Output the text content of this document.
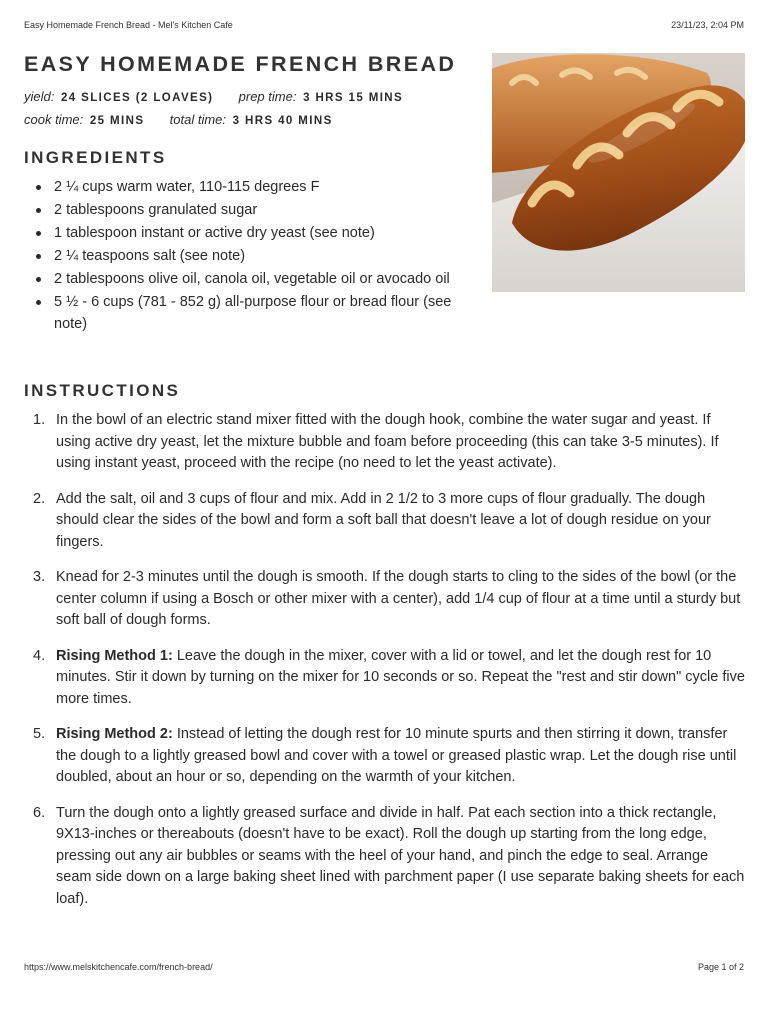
Easy Homemade French Bread - Mel's Kitchen Cafe	23/11/23, 2:04 PM
EASY HOMEMADE FRENCH BREAD
yield: 24 SLICES (2 LOAVES) prep time: 3 HRS 15 MINS
cook time: 25 MINS total time: 3 HRS 40 MINS
INGREDIENTS
2 ¼ cups warm water, 110-115 degrees F
2 tablespoons granulated sugar
1 tablespoon instant or active dry yeast (see note)
2 ¼ teaspoons salt (see note)
2 tablespoons olive oil, canola oil, vegetable oil or avocado oil
5 ½ - 6 cups (781 - 852 g) all-purpose flour or bread flour (see note)
INSTRUCTIONS
1. In the bowl of an electric stand mixer fitted with the dough hook, combine the water sugar and yeast. If using active dry yeast, let the mixture bubble and foam before proceeding (this can take 3-5 minutes). If using instant yeast, proceed with the recipe (no need to let the yeast activate).
2. Add the salt, oil and 3 cups of flour and mix. Add in 2 1/2 to 3 more cups of flour gradually. The dough should clear the sides of the bowl and form a soft ball that doesn't leave a lot of dough residue on your fingers.
3. Knead for 2-3 minutes until the dough is smooth. If the dough starts to cling to the sides of the bowl (or the center column if using a Bosch or other mixer with a center), add 1/4 cup of flour at a time until a sturdy but soft ball of dough forms.
4. Rising Method 1: Leave the dough in the mixer, cover with a lid or towel, and let the dough rest for 10 minutes. Stir it down by turning on the mixer for 10 seconds or so. Repeat the "rest and stir down" cycle five more times.
5. Rising Method 2: Instead of letting the dough rest for 10 minute spurts and then stirring it down, transfer the dough to a lightly greased bowl and cover with a towel or greased plastic wrap. Let the dough rise until doubled, about an hour or so, depending on the warmth of your kitchen.
6. Turn the dough onto a lightly greased surface and divide in half. Pat each section into a thick rectangle, 9X13-inches or thereabouts (doesn't have to be exact). Roll the dough up starting from the long edge, pressing out any air bubbles or seams with the heel of your hand, and pinch the edge to seal. Arrange seam side down on a large baking sheet lined with parchment paper (I use separate baking sheets for each loaf).
https://www.melskitchencafe.com/french-bread/	Page 1 of 2
